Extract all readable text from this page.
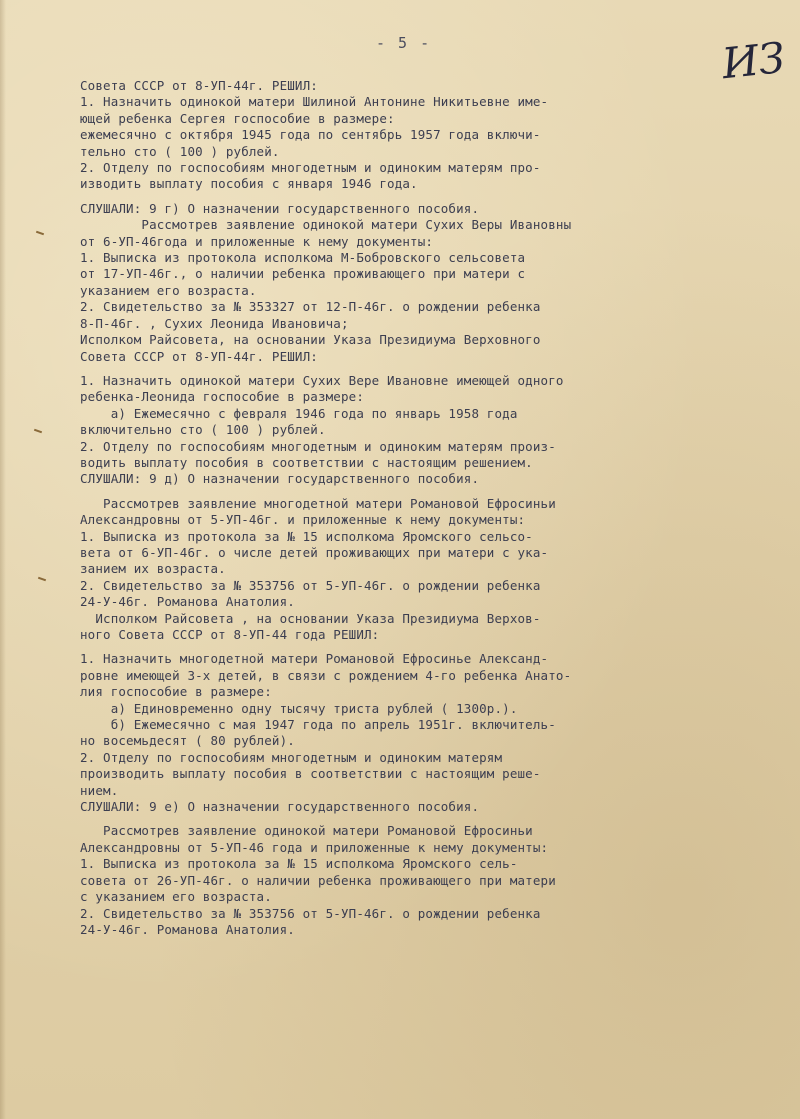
- 5 -	ИЗ
Совета СССР от 8-УП-44г. РЕШИЛ:
1. Назначить одинокой матери Шилиной Антонине Никитьевне име-
ющей ребенка Сергея гоcпособие в размере:
ежемесячно с октября 1945 года по сентябрь 1957 года включи-
тельно сто ( 100 ) рублей.
2. Отделу по госпособиям многодетным и одиноким матерям про-
изводить выплату пособия с января 1946 года.
СЛУШАЛИ: 9 г) О назначении государственного пособия.
Рассмотрев заявление одинокой матери Сухих Веры Ивановны
от 6-УП-46года и приложенные к нему документы:
1. Выписка из протокола исполкома М-Бобровского сельсовета
от 17-УП-46г., о наличии ребенка проживающего при матери с
указанием его возраста.
2. Свидетельство за № 353327 от 12-П-46г. о рождении ребенка
8-П-46г. , Сухих Леонида Ивановича;
Исполком Райсовета, на основании Указа Президиума Верховного
Совета СССР от 8-УП-44г. РЕШИЛ:
1. Назначить одинокой матери Сухих Вере Ивановне имеющей одного
ребенка-Леонида госпособие в размере:
а) Ежемесячно с февраля 1946 года по январь 1958 года
включительно сто ( 100 ) рублей.
2. Отделу по госпособиям многодетным и одиноким матерям произ-
водить выплату пособия в соответствии с настоящим решением.
СЛУШАЛИ: 9 д) О назначении государственного пособия.
Рассмотрев заявление многодетной матери Романовой Ефросиньи
Александровны от 5-УП-46г. и приложенные к нему документы:
1. Выписка из протокола за № 15 исполкома Яромского сельсо-
вета от 6-УП-46г. о числе детей проживающих при матери с ука-
занием их возраста.
2. Свидетельство за № 353756 от 5-УП-46г. о рождении ребенка
24-У-46г. Романова Анатолия.
Исполком Райсовета , на основании Указа Президиума Верхов-
ного Совета СССР от 8-УП-44 года РЕШИЛ:
1. Назначить многодетной матери Романовой Ефросинье Александ-
ровне имеющей 3-х детей, в связи с рождением 4-го ребенка Анато-
лия госпособие в размере:
а) Единовременно одну тысячу триста рублей ( 1300р.).
б) Ежемесячно с мая 1947 года по апрель 1951г. включитель-
но восемьдесят ( 80 рублей).
2. Отделу по госпособиям многодетным и одиноким матерям
производить выплату пособия в соответствии с настоящим реше-
нием.
СЛУШАЛИ: 9 е) О назначении государственного пособия.
Рассмотрев заявление одинокой матери Романовой Ефросиньи
Александровны от 5-УП-46 года и приложенные к нему документы:
1. Выписка из протокола за № 15 исполкома Яромского сель-
совета от 26-УП-46г. о наличии ребенка проживающего при матери
с указанием его возраста.
2. Свидетельство за № 353756 от 5-УП-46г. о рождении ребенка
24-У-46г. Романова Анатолия.
